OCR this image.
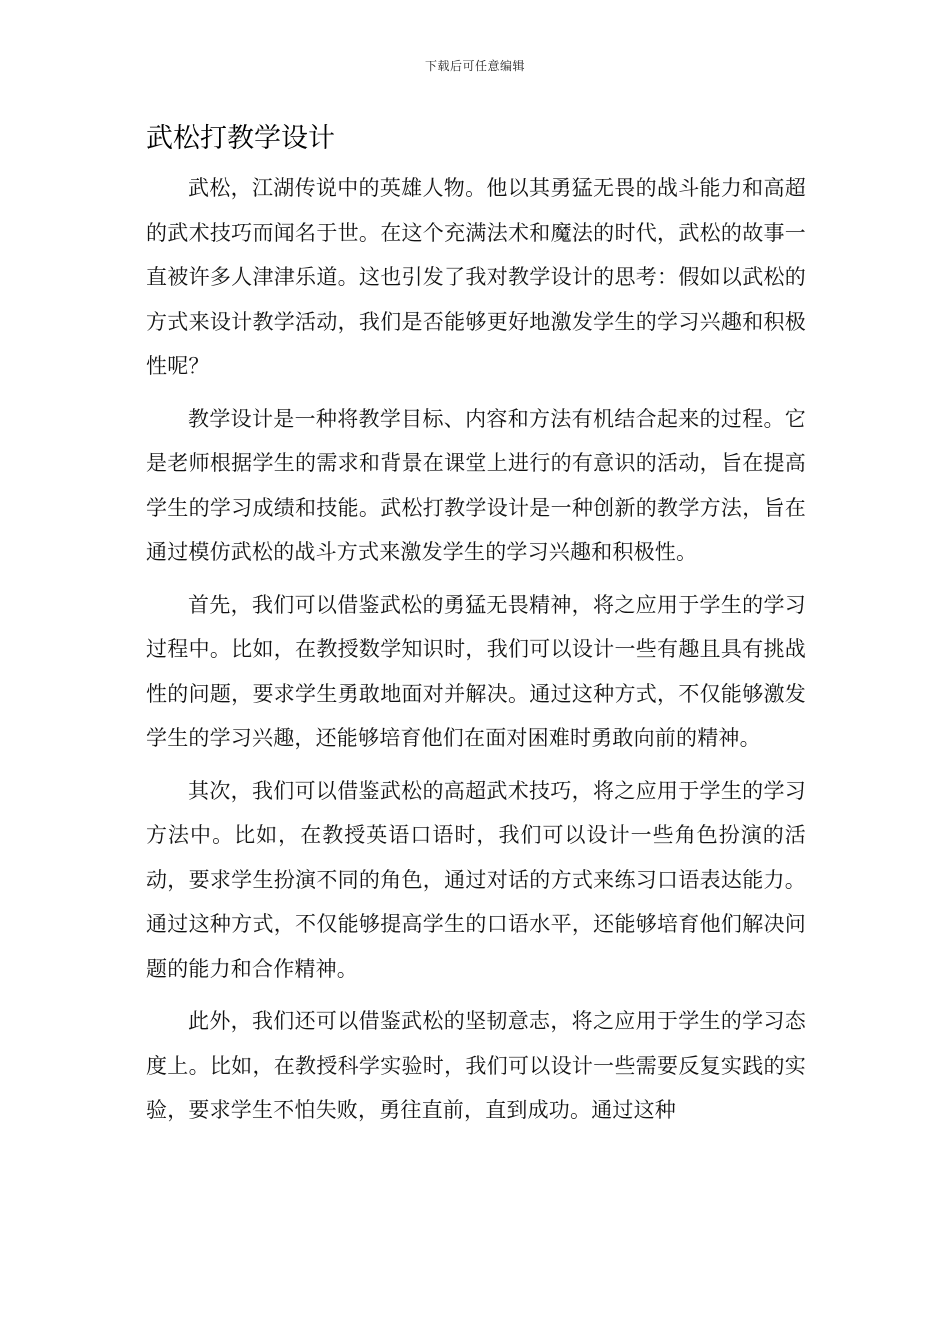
下载后可任意编辑
武松打教学设计

武松，江湖传说中的英雄人物。他以其勇猛无畏的战斗能力和高超的武术技巧而闻名于世。在这个充满法术和魔法的时代，武松的故事一直被许多人津津乐道。这也引发了我对教学设计的思考：假如以武松的方式来设计教学活动，我们是否能够更好地激发学生的学习兴趣和积极性呢？

教学设计是一种将教学目标、内容和方法有机结合起来的过程。它是老师根据学生的需求和背景在课堂上进行的有意识的活动，旨在提高学生的学习成绩和技能。武松打教学设计是一种创新的教学方法，旨在通过模仿武松的战斗方式来激发学生的学习兴趣和积极性。

首先，我们可以借鉴武松的勇猛无畏精神，将之应用于学生的学习过程中。比如，在教授数学知识时，我们可以设计一些有趣且具有挑战性的问题，要求学生勇敢地面对并解决。通过这种方式，不仅能够激发学生的学习兴趣，还能够培育他们在面对困难时勇敢向前的精神。

其次，我们可以借鉴武松的高超武术技巧，将之应用于学生的学习方法中。比如，在教授英语口语时，我们可以设计一些角色扮演的活动，要求学生扮演不同的角色，通过对话的方式来练习口语表达能力。通过这种方式，不仅能够提高学生的口语水平，还能够培育他们解决问题的能力和合作精神。

此外，我们还可以借鉴武松的坚韧意志，将之应用于学生的学习态度上。比如，在教授科学实验时，我们可以设计一些需要反复实践的实验，要求学生不怕失败，勇往直前，直到成功。通过这种
